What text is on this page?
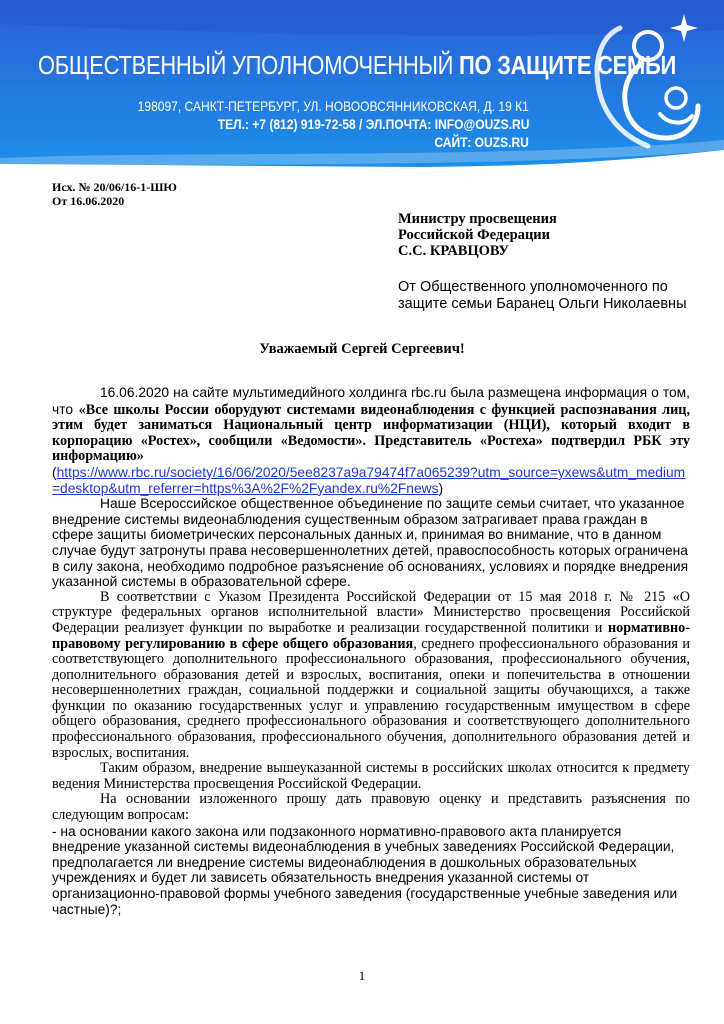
ОБЩЕСТВЕННЫЙ УПОЛНОМОЧЕННЫЙ ПО ЗАЩИТЕ СЕМЬИ
198097, САНКТ-ПЕТЕРБУРГ, УЛ. НОВООВСЯННИКОВСКАЯ, Д. 19 К1
ТЕЛ.: +7 (812) 919-72-58 / ЭЛ.ПОЧТА: INFO@OUZS.RU
САЙТ: OUZS.RU
Исх. № 20/06/16-1-ШЮ
От 16.06.2020
Министру просвещения
Российской Федерации
С.С. КРАВЦОВУ
От Общественного уполномоченного по защите семьи Баранец Ольги Николаевны
Уважаемый Сергей Сергеевич!
16.06.2020 на сайте мультимедийного холдинга rbc.ru была размещена информация о том, что «Все школы России оборудуют системами видеонаблюдения с функцией распознавания лиц, этим будет заниматься Национальный центр информатизации (НЦИ), который входит в корпорацию «Ростех», сообщили «Ведомости». Представитель «Ростеха» подтвердил РБК эту информацию»
(https://www.rbc.ru/society/16/06/2020/5ee8237a9a79474f7a065239?utm_source=yxews&utm_medium=desktop&utm_referrer=https%3A%2F%2Fyandex.ru%2Fnews)
Наше Всероссийское общественное объединение по защите семьи считает, что указанное внедрение системы видеонаблюдения существенным образом затрагивает права граждан в сфере защиты биометрических персональных данных и, принимая во внимание, что в данном случае будут затронуты права несовершеннолетних детей, правоспособность которых ограничена в силу закона, необходимо подробное разъяснение об основаниях, условиях и порядке внедрения указанной системы в образовательной сфере.
В соответствии с Указом Президента Российской Федерации от 15 мая 2018 г. № 215 «О структуре федеральных органов исполнительной власти» Министерство просвещения Российской Федерации реализует функции по выработке и реализации государственной политики и нормативно-правовому регулированию в сфере общего образования, среднего профессионального образования и соответствующего дополнительного профессионального образования, профессионального обучения, дополнительного образования детей и взрослых, воспитания, опеки и попечительства в отношении несовершеннолетних граждан, социальной поддержки и социальной защиты обучающихся, а также функции по оказанию государственных услуг и управлению государственным имуществом в сфере общего образования, среднего профессионального образования и соответствующего дополнительного профессионального образования, профессионального обучения, дополнительного образования детей и взрослых, воспитания.
Таким образом, внедрение вышеуказанной системы в российских школах относится к предмету ведения Министерства просвещения Российской Федерации.
На основании изложенного прошу дать правовую оценку и представить разъяснения по следующим вопросам:
- на основании какого закона или подзаконного нормативно-правового акта планируется внедрение указанной системы видеонаблюдения в учебных заведениях Российской Федерации, предполагается ли внедрение системы видеонаблюдения в дошкольных образовательных учреждениях и будет ли зависеть обязательность внедрения указанной системы от организационно-правовой формы учебного заведения (государственные учебные заведения или частные)?;
1
